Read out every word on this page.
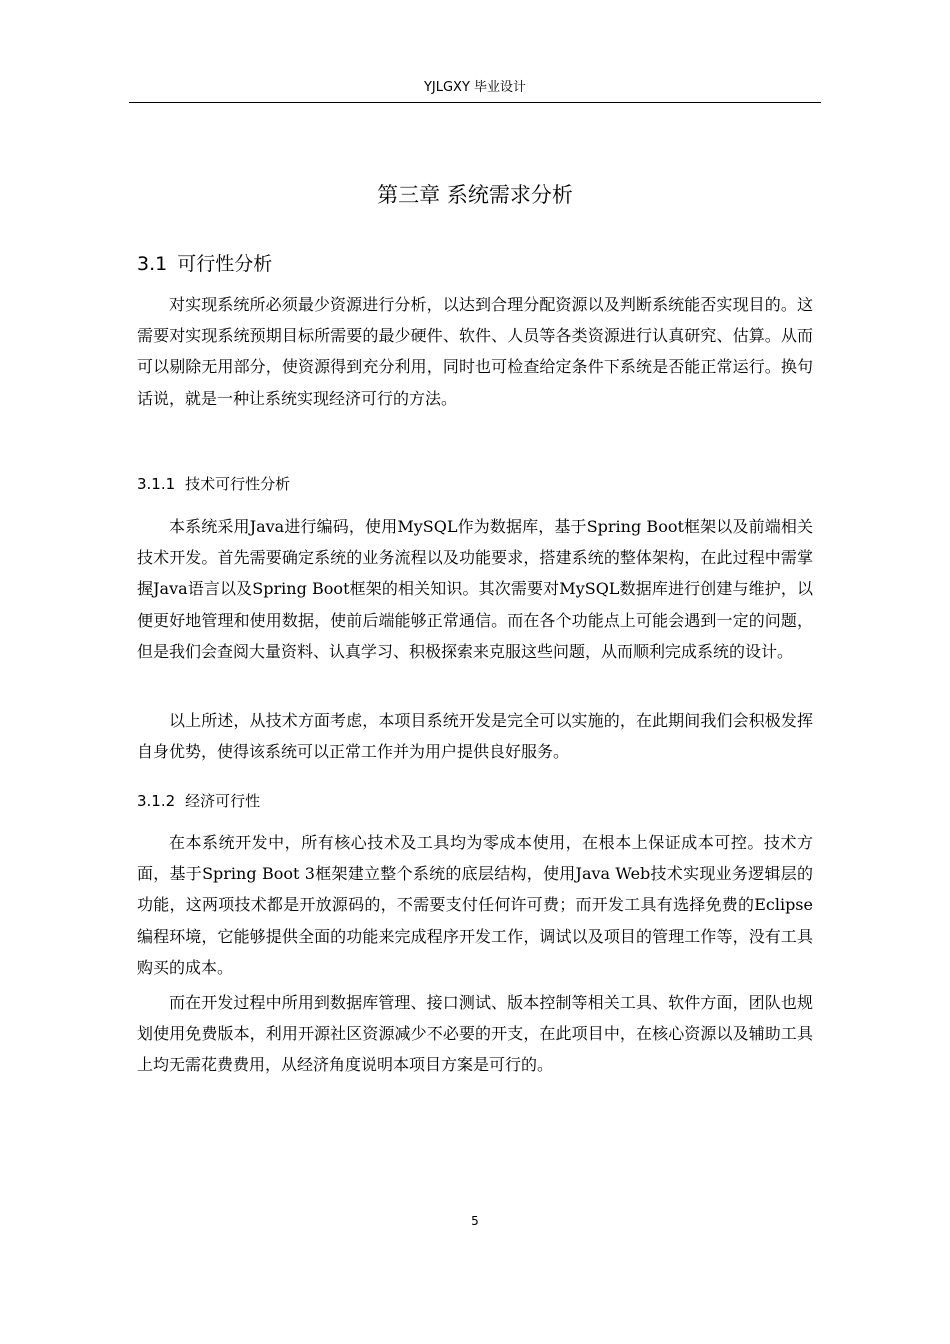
YJLGXY 毕业设计
第三章 系统需求分析
3.1 可行性分析

对实现系统所必须最少资源进行分析，以达到合理分配资源以及判断系统能否实现目的。这需要对实现系统预期目标所需要的最少硬件、软件、人员等各类资源进行认真研究、估算。从而可以剔除无用部分，使资源得到充分利用，同时也可检查给定条件下系统是否能正常运行。换句话说，就是一种让系统实现经济可行的方法。

3.1.1 技术可行性分析

本系统采用Java进行编码，使用MySQL作为数据库，基于Spring Boot框架以及前端相关技术开发。首先需要确定系统的业务流程以及功能要求，搭建系统的整体架构，在此过程中需掌握Java语言以及Spring Boot框架的相关知识。其次需要对MySQL数据库进行创建与维护，以便更好地管理和使用数据，使前后端能够正常通信。而在各个功能点上可能会遇到一定的问题，但是我们会查阅大量资料、认真学习、积极探索来克服这些问题，从而顺利完成系统的设计。

以上所述，从技术方面考虑，本项目系统开发是完全可以实施的，在此期间我们会积极发挥自身优势，使得该系统可以正常工作并为用户提供良好服务。

3.1.2 经济可行性

在本系统开发中，所有核心技术及工具均为零成本使用，在根本上保证成本可控。技术方面，基于Spring Boot 3框架建立整个系统的底层结构，使用Java Web技术实现业务逻辑层的功能，这两项技术都是开放源码的，不需要支付任何许可费；而开发工具有选择免费的Eclipse编程环境，它能够提供全面的功能来完成程序开发工作，调试以及项目的管理工作等，没有工具购买的成本。

而在开发过程中所用到数据库管理、接口测试、版本控制等相关工具、软件方面，团队也规划使用免费版本，利用开源社区资源减少不必要的开支，在此项目中，在核心资源以及辅助工具上均无需花费费用，从经济角度说明本项目方案是可行的。

5
